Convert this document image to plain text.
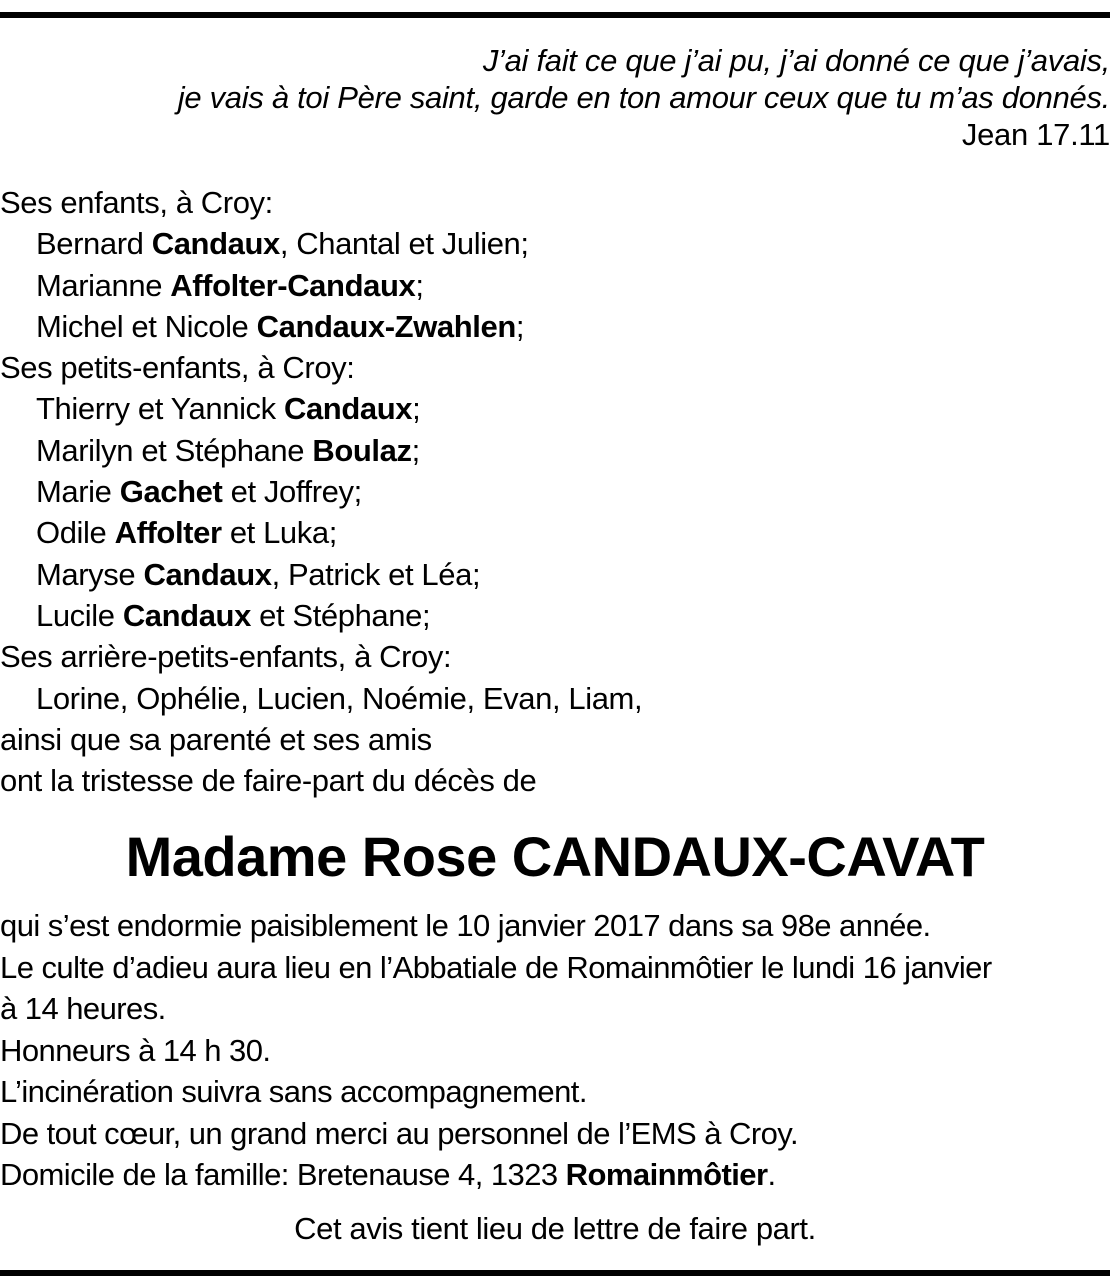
J’ai fait ce que j’ai pu, j’ai donné ce que j’avais,
je vais à toi Père saint, garde en ton amour ceux que tu m’as donnés.
Jean 17.11
Ses enfants, à Croy:
Bernard Candaux, Chantal et Julien;
Marianne Affolter-Candaux;
Michel et Nicole Candaux-Zwahlen;
Ses petits-enfants, à Croy:
Thierry et Yannick Candaux;
Marilyn et Stéphane Boulaz;
Marie Gachet et Joffrey;
Odile Affolter et Luka;
Maryse Candaux, Patrick et Léa;
Lucile Candaux et Stéphane;
Ses arrière-petits-enfants, à Croy:
Lorine, Ophélie, Lucien, Noémie, Evan, Liam,
ainsi que sa parenté et ses amis
ont la tristesse de faire-part du décès de
Madame Rose CANDAUX-CAVAT
qui s’est endormie paisiblement le 10 janvier 2017 dans sa 98e année.
Le culte d’adieu aura lieu en l’Abbatiale de Romainmôtier le lundi 16 janvier
à 14 heures.
Honneurs à 14 h 30.
L’incinération suivra sans accompagnement.
De tout cœur, un grand merci au personnel de l’EMS à Croy.
Domicile de la famille: Bretenause 4, 1323 Romainmôtier.
Cet avis tient lieu de lettre de faire part.
